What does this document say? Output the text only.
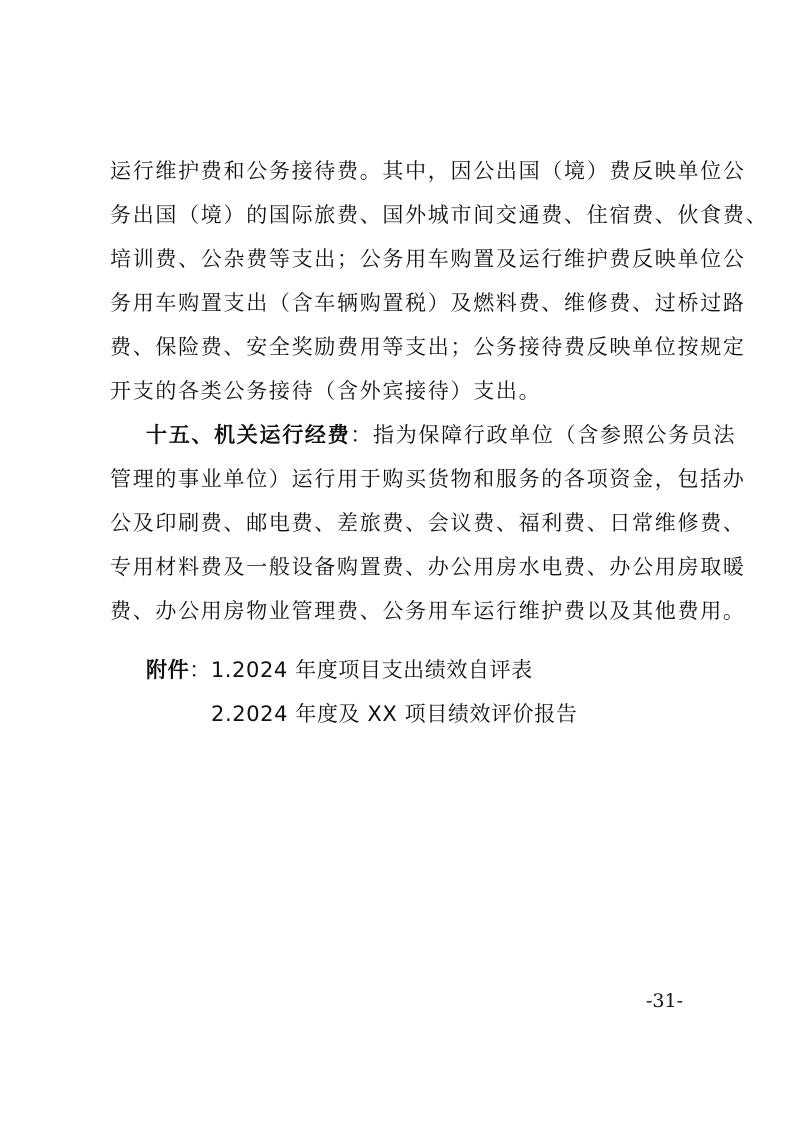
运行维护费和公务接待费。其中，因公出国（境）费反映单位公
务出国（境）的国际旅费、国外城市间交通费、住宿费、伙食费、
培训费、公杂费等支出；公务用车购置及运行维护费反映单位公
务用车购置支出（含车辆购置税）及燃料费、维修费、过桥过路
费、保险费、安全奖励费用等支出；公务接待费反映单位按规定
开支的各类公务接待（含外宾接待）支出。
十五、机关运行经费：指为保障行政单位（含参照公务员法
管理的事业单位）运行用于购买货物和服务的各项资金，包括办
公及印刷费、邮电费、差旅费、会议费、福利费、日常维修费、
专用材料费及一般设备购置费、办公用房水电费、办公用房取暖
费、办公用房物业管理费、公务用车运行维护费以及其他费用。
附件：1.2024 年度项目支出绩效自评表
2.2024 年度及 XX 项目绩效评价报告
-31-
